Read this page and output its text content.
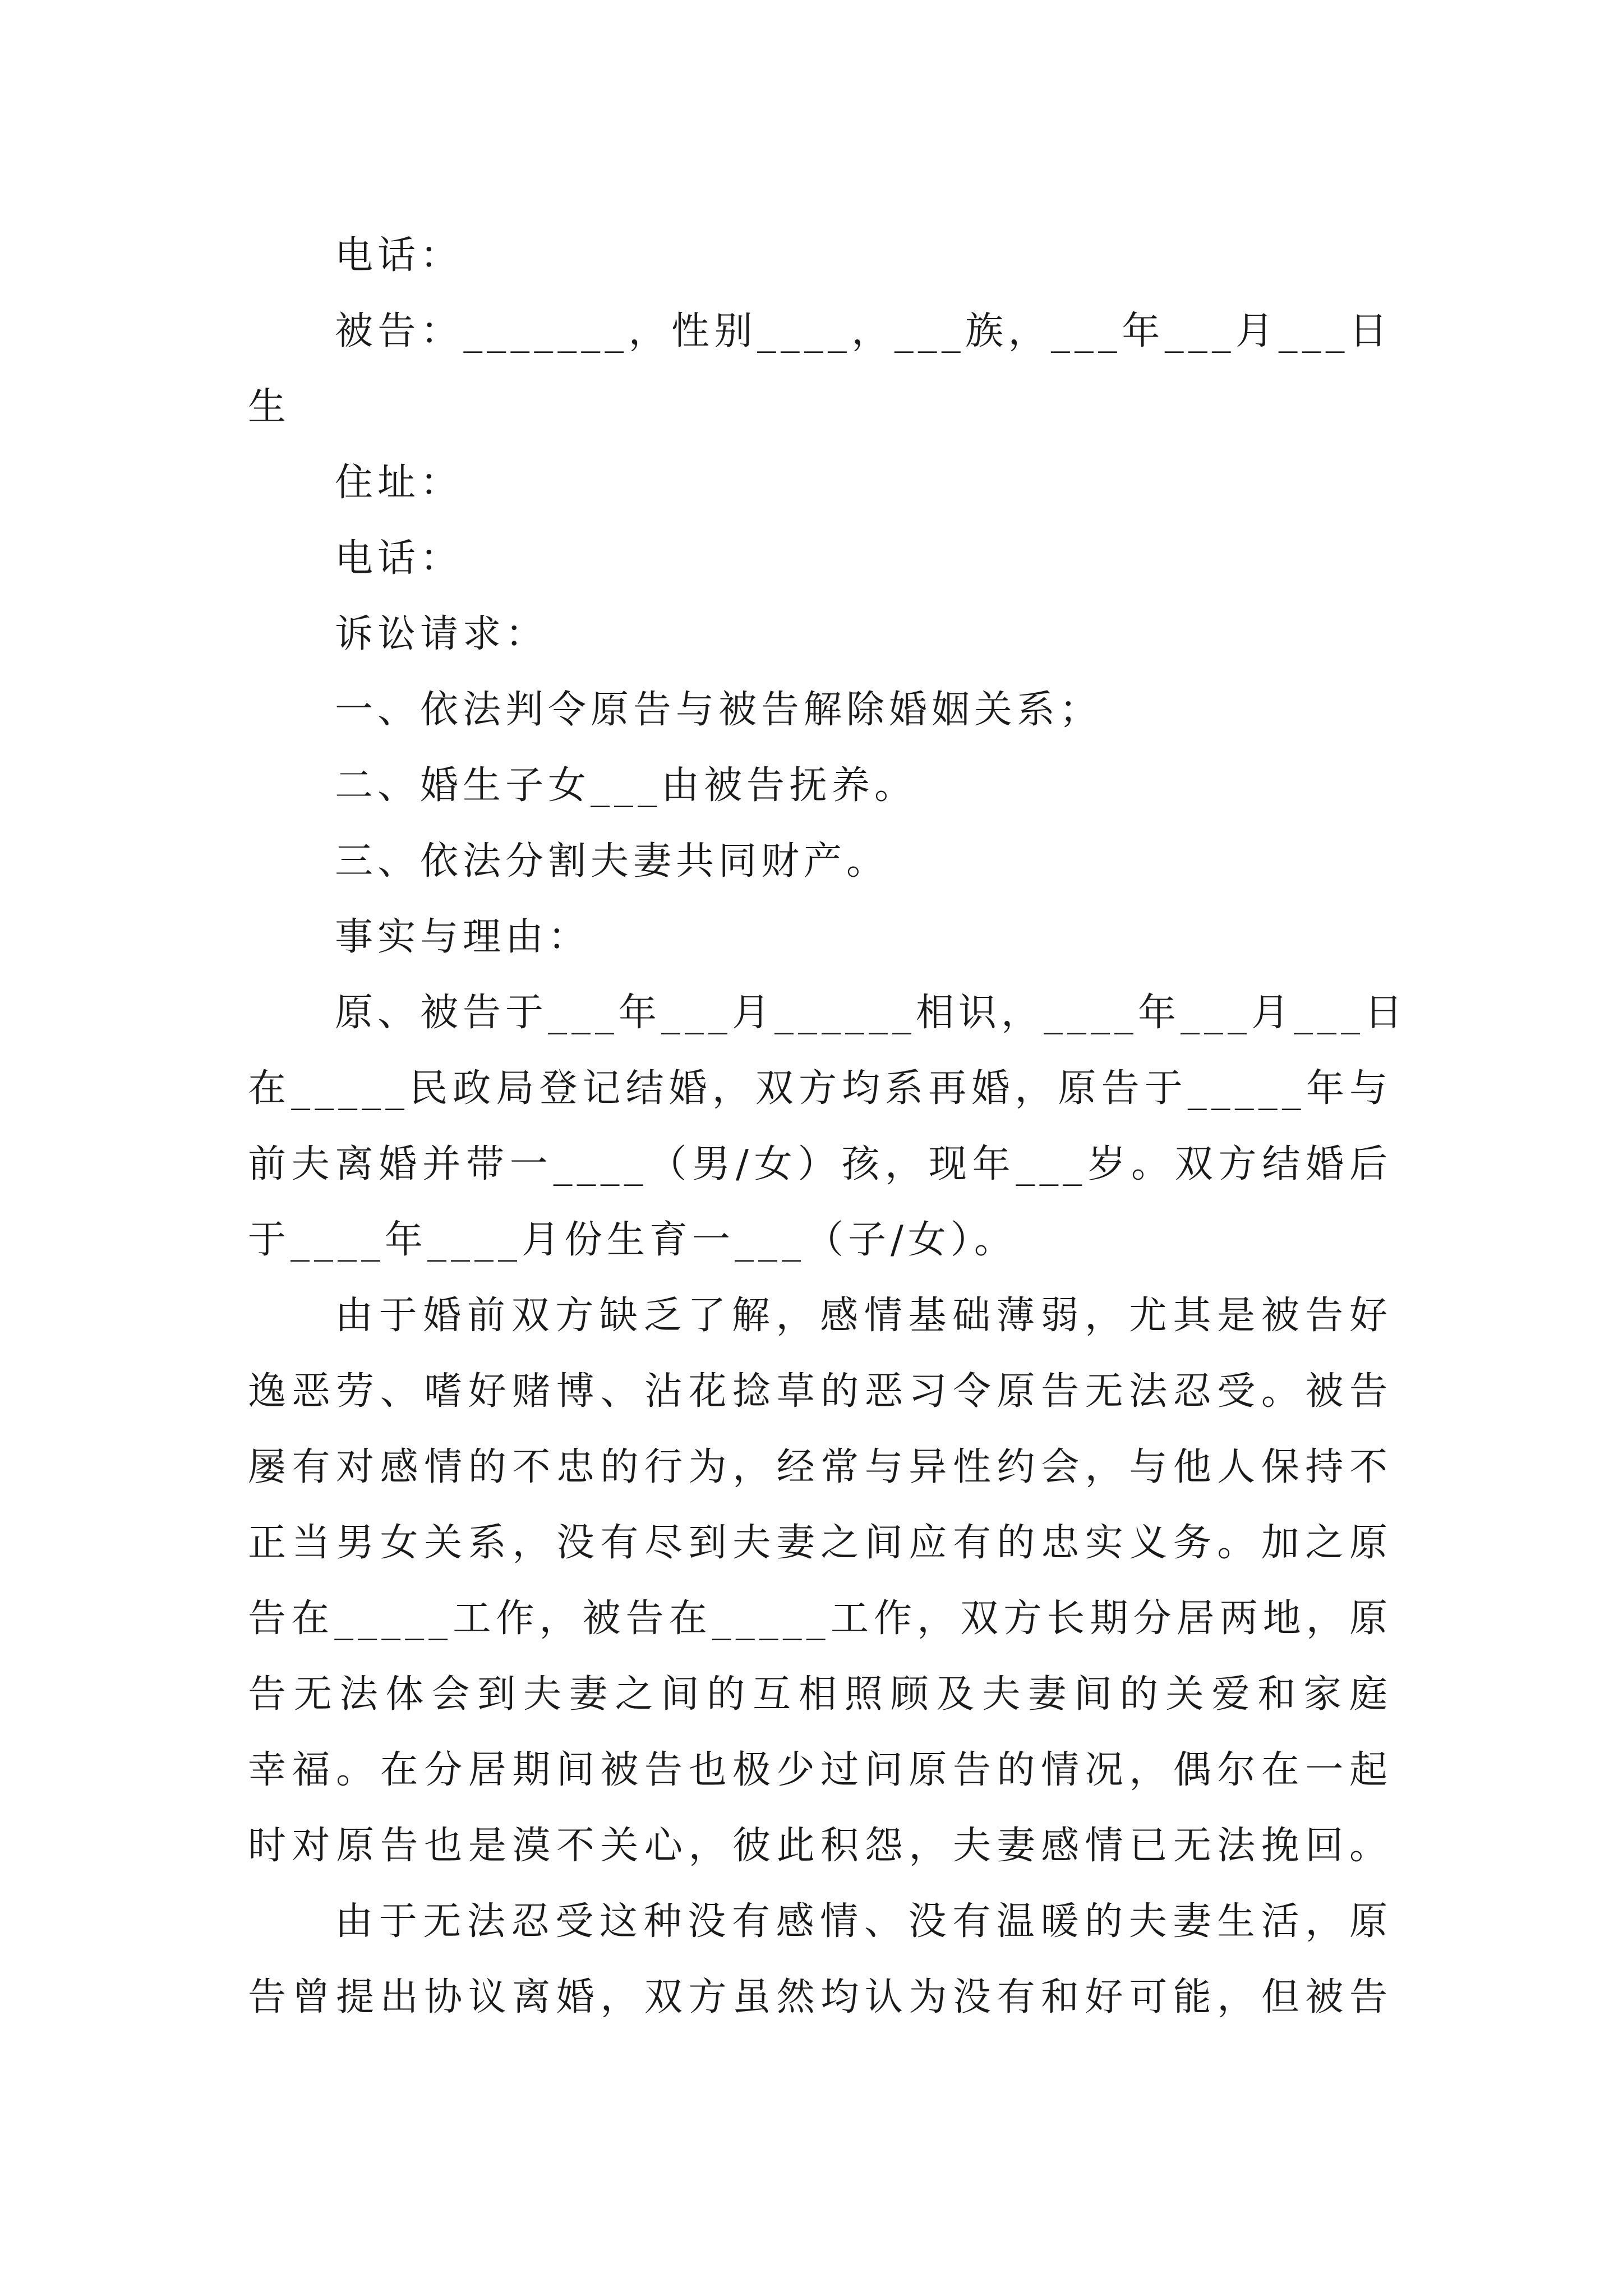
电话：
被告：_______，性别____，___族，___年___月___日
生
住址：
电话：
诉讼请求：
一、依法判令原告与被告解除婚姻关系；
二、婚生子女___由被告抚养。
三、依法分割夫妻共同财产。
事实与理由：
原、被告于___年___月______相识，____年___月___日
在_____民政局登记结婚，双方均系再婚，原告于_____年与
前夫离婚并带一____（男/女）孩，现年___岁。双方结婚后
于____年____月份生育一___（子/女）。
由于婚前双方缺乏了解，感情基础薄弱，尤其是被告好
逸恶劳、嗜好赌博、沾花捻草的恶习令原告无法忍受。被告
屡有对感情的不忠的行为，经常与异性约会，与他人保持不
正当男女关系，没有尽到夫妻之间应有的忠实义务。加之原
告在_____工作，被告在_____工作，双方长期分居两地，原
告无法体会到夫妻之间的互相照顾及夫妻间的关爱和家庭
幸福。在分居期间被告也极少过问原告的情况，偶尔在一起
时对原告也是漠不关心，彼此积怨，夫妻感情已无法挽回。
由于无法忍受这种没有感情、没有温暖的夫妻生活，原
告曾提出协议离婚，双方虽然均认为没有和好可能，但被告
